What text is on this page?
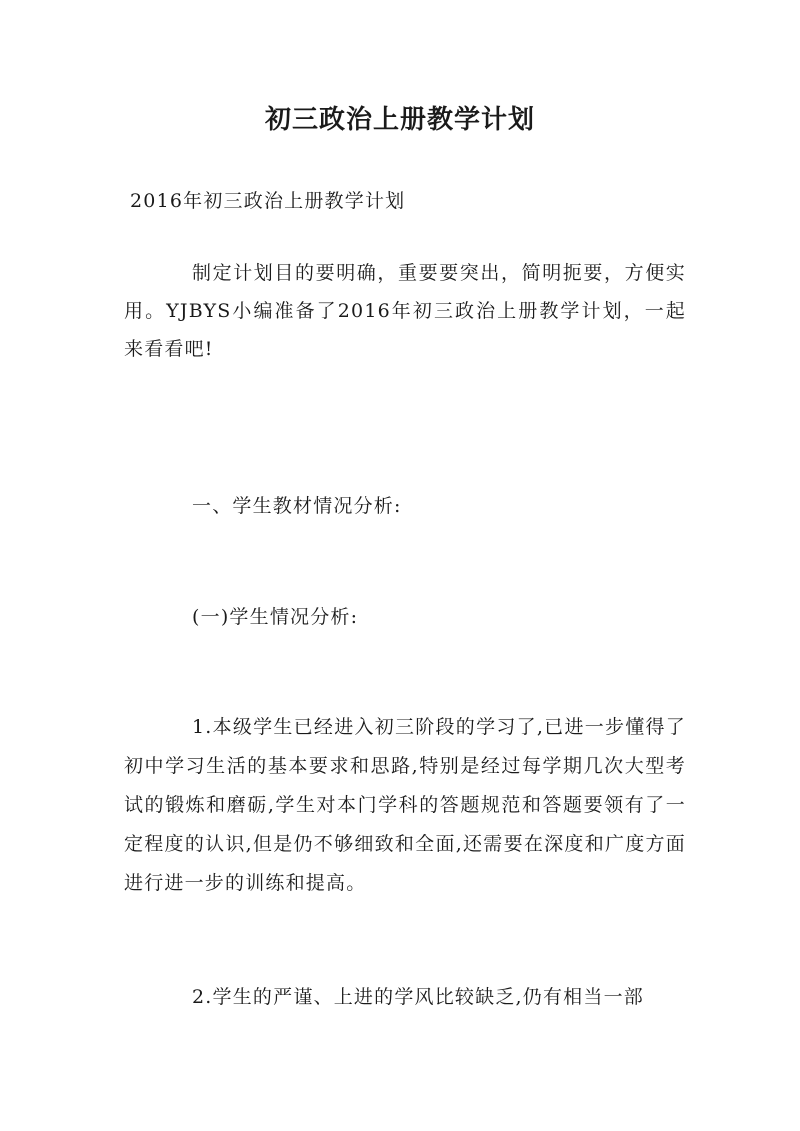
初三政治上册教学计划

2016年初三政治上册教学计划

制定计划目的要明确，重要要突出，简明扼要，方便实用。YJBYS小编准备了2016年初三政治上册教学计划，一起来看看吧!

一、学生教材情况分析:

(一)学生情况分析:

1.本级学生已经进入初三阶段的学习了,已进一步懂得了初中学习生活的基本要求和思路,特别是经过每学期几次大型考试的锻炼和磨砺,学生对本门学科的答题规范和答题要领有了一定程度的认识,但是仍不够细致和全面,还需要在深度和广度方面进行进一步的训练和提高。

2.学生的严谨、上进的学风比较缺乏,仍有相当一部
